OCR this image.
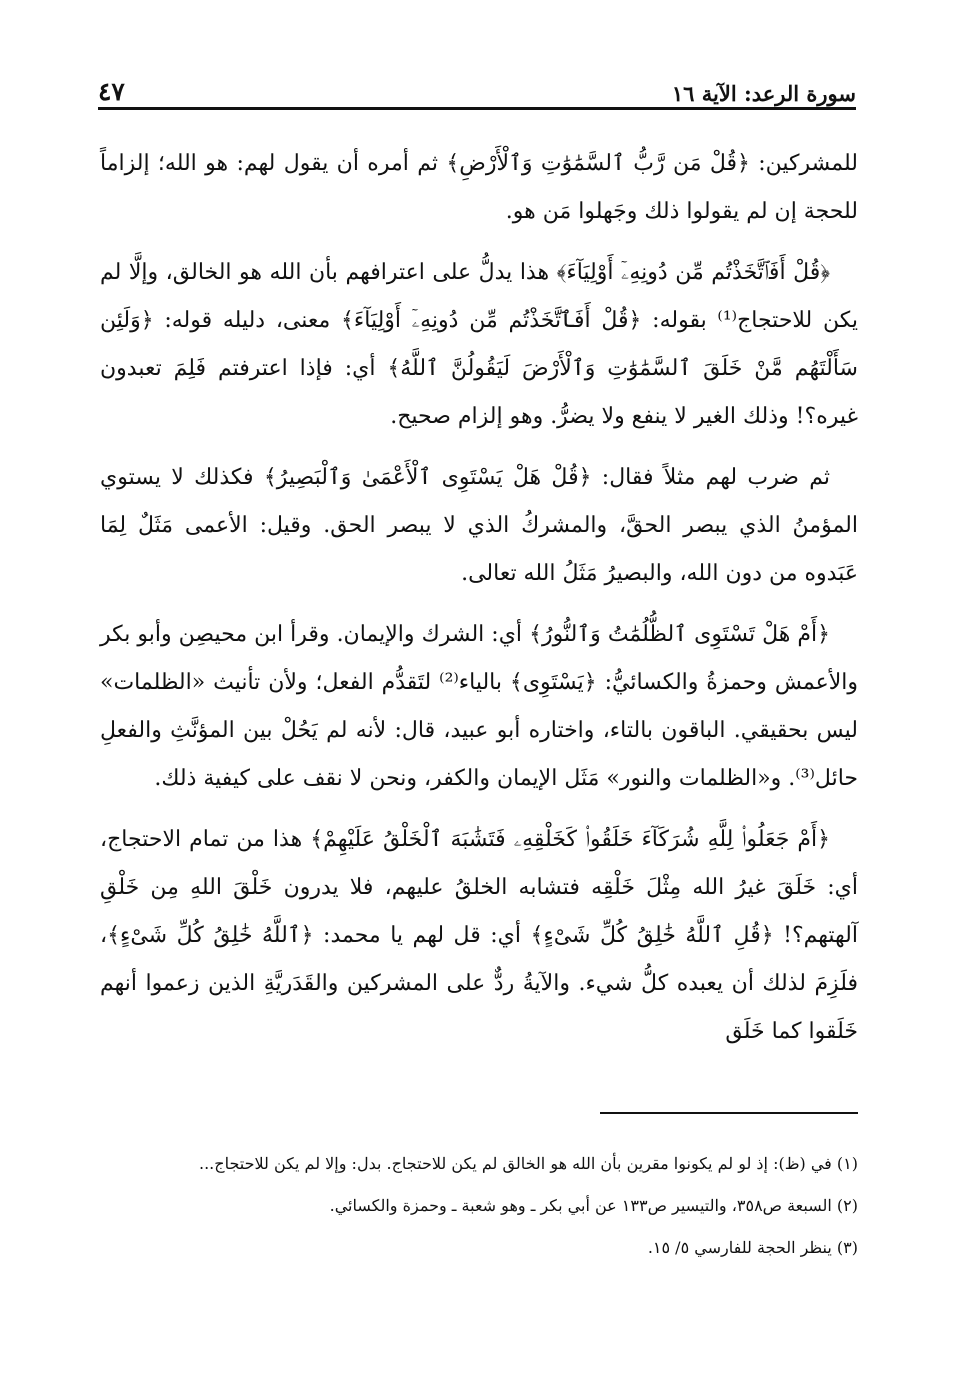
سورة الرعد: الآية ١٦
٤٧

للمشركين: ﴿قُلْ مَن رَّبُّ ٱلسَّمَٰوَٰتِ وَٱلْأَرْضِ﴾ ثم أمره أن يقول لهم: هو الله؛ إلزاماً للحجة إن لم يقولوا ذلك وجَهلوا مَن هو.

﴿قُلْ أَفَٱتَّخَذْتُم مِّن دُونِهِۦٓ أَوْلِيَآءَ﴾ هذا يدلُّ على اعترافهم بأن الله هو الخالق، وإلَّا لم يكن للاحتجاج⁽¹⁾ بقوله: ﴿قُلْ أَفَٱتَّخَذْتُم مِّن دُونِهِۦٓ أَوْلِيَآءَ﴾ معنى، دليله قوله: ﴿وَلَئِن سَأَلْتَهُم مَّنْ خَلَقَ ٱلسَّمَٰوَٰتِ وَٱلْأَرْضَ لَيَقُولُنَّ ٱللَّهُ﴾ أي: فإذا اعترفتم فَلِمَ تعبدون غيره؟! وذلك الغير لا ينفع ولا يضرُّ. وهو إلزام صحيح.

ثم ضرب لهم مثلاً فقال: ﴿قُلْ هَلْ يَسْتَوِى ٱلْأَعْمَىٰ وَٱلْبَصِيرُ﴾ فكذلك لا يستوي المؤمنُ الذي يبصر الحقَّ، والمشركُ الذي لا يبصر الحق. وقيل: الأعمى مَثَلٌ لِمَا عَبَدوه من دون الله، والبصيرُ مَثَلُ الله تعالى.

﴿أَمْ هَلْ تَسْتَوِى ٱلظُّلُمَٰتُ وَٱلنُّورُ﴾ أي: الشرك والإيمان. وقرأ ابن محيصِن وأبو بكر والأعمش وحمزةُ والكسائيُّ: ﴿يَسْتَوِى﴾ بالياء⁽²⁾ لتَقدُّم الفعل؛ ولأن تأنيث «الظلمات» ليس بحقيقي. الباقون بالتاء، واختاره أبو عبيد، قال: لأنه لم يَحُلْ بين المؤنَّثِ والفعلِ حائل⁽³⁾. و«الظلمات والنور» مَثَل الإيمان والكفر، ونحن لا نقف على كيفية ذلك.

﴿أَمْ جَعَلُوا۟ لِلَّهِ شُرَكَآءَ خَلَقُوا۟ كَخَلْقِهِۦ فَتَشَٰبَهَ ٱلْخَلْقُ عَلَيْهِمْ﴾ هذا من تمام الاحتجاج، أي: خَلَقَ غيرُ الله مِثْلَ خَلْقِه فتشابه الخلقُ عليهم، فلا يدرون خَلْقَ اللهِ مِن خَلْقِ آلهتهم؟! ﴿قُلِ ٱللَّهُ خَٰلِقُ كُلِّ شَىْءٍ﴾ أي: قل لهم يا محمد: ﴿ٱللَّهُ خَٰلِقُ كُلِّ شَىْءٍ﴾، فلَزِمَ لذلك أن يعبده كلُّ شيء. والآيةُ ردٌّ على المشركين والقَدَريَّةِ الذين زعموا أنهم خَلَقوا كما خَلَق

(١) في (ظ): إذ لو لم يكونوا مقرين بأن الله هو الخالق لم يكن للاحتجاج. بدل: وإلا لم يكن للاحتجاج...

(٢) السبعة ص٣٥٨، والتيسير ص١٣٣ عن أبي بكر ـ وهو شعبة ـ وحمزة والكسائي.

(٣) ينظر الحجة للفارسي ٥/ ١٥.
